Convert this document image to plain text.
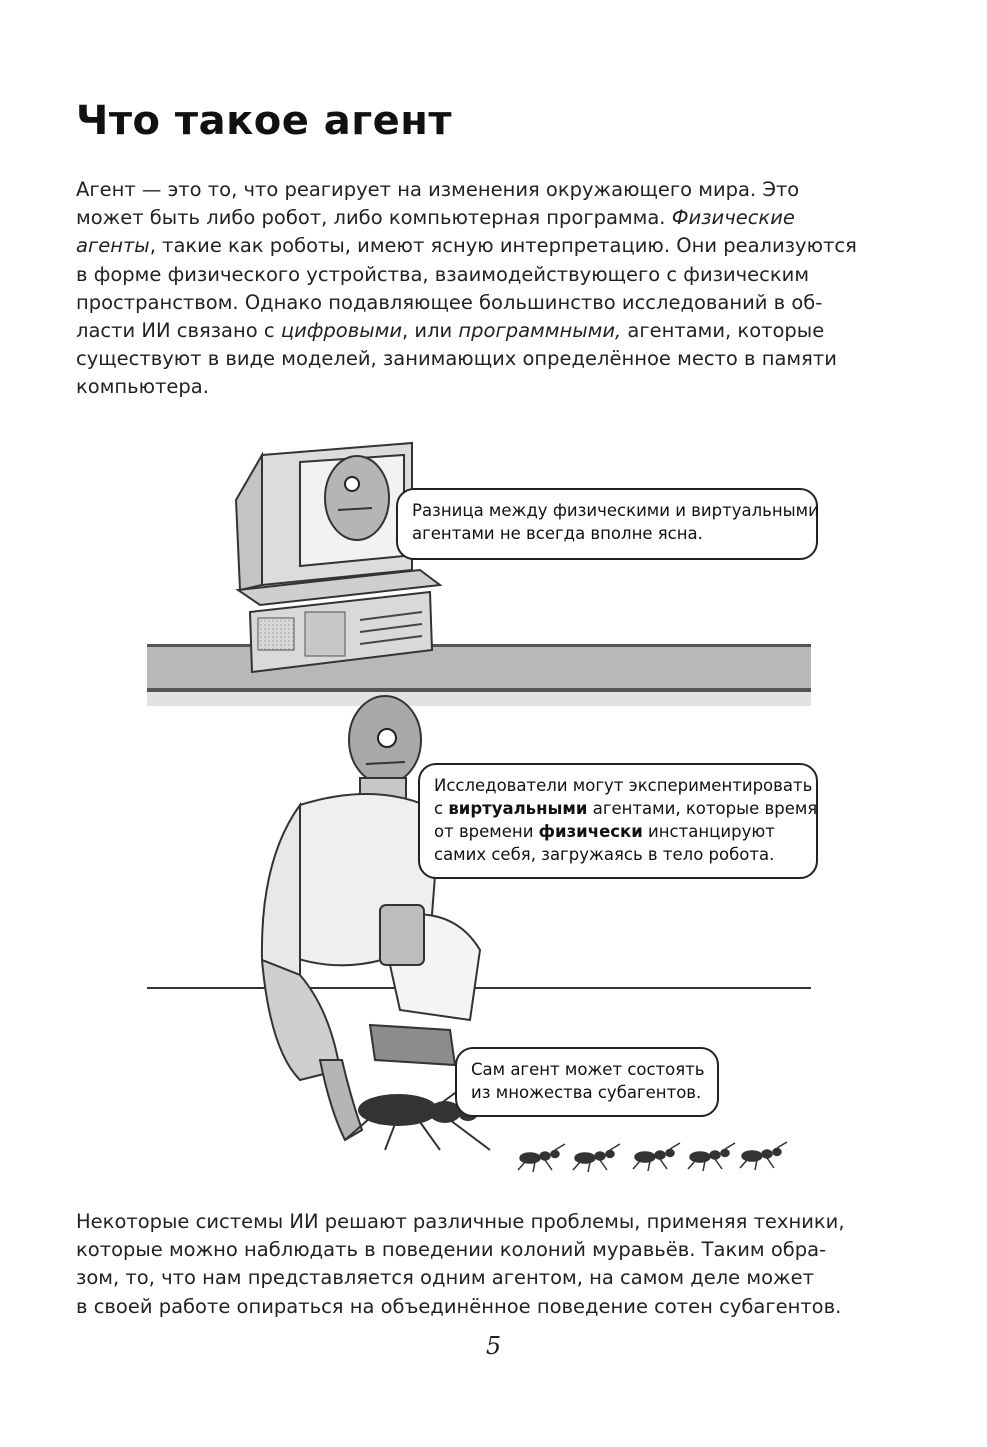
Что такое агент
Агент — это то, что реагирует на изменения окружающего мира. Это
может быть либо робот, либо компьютерная программа. Физические
агенты, такие как роботы, имеют ясную интерпретацию. Они реализуются
в форме физического устройства, взаимодействующего с физическим
пространством. Однако подавляющее большинство исследований в об-
ласти ИИ связано с цифровыми, или программными, агентами, которые
существуют в виде моделей, занимающих определённое место в памяти
компьютера.
Разница между физическими и виртуальными
агентами не всегда вполне ясна.
Исследователи могут экспериментировать
с виртуальными агентами, которые время
от времени физически инстанцируют
самих себя, загружаясь в тело робота.
Сам агент может состоять
из множества субагентов.
Некоторые системы ИИ решают различные проблемы, применяя техники,
которые можно наблюдать в поведении колоний муравьёв. Таким обра-
зом, то, что нам представляется одним агентом, на самом деле может
в своей работе опираться на объединённое поведение сотен субагентов.
5
